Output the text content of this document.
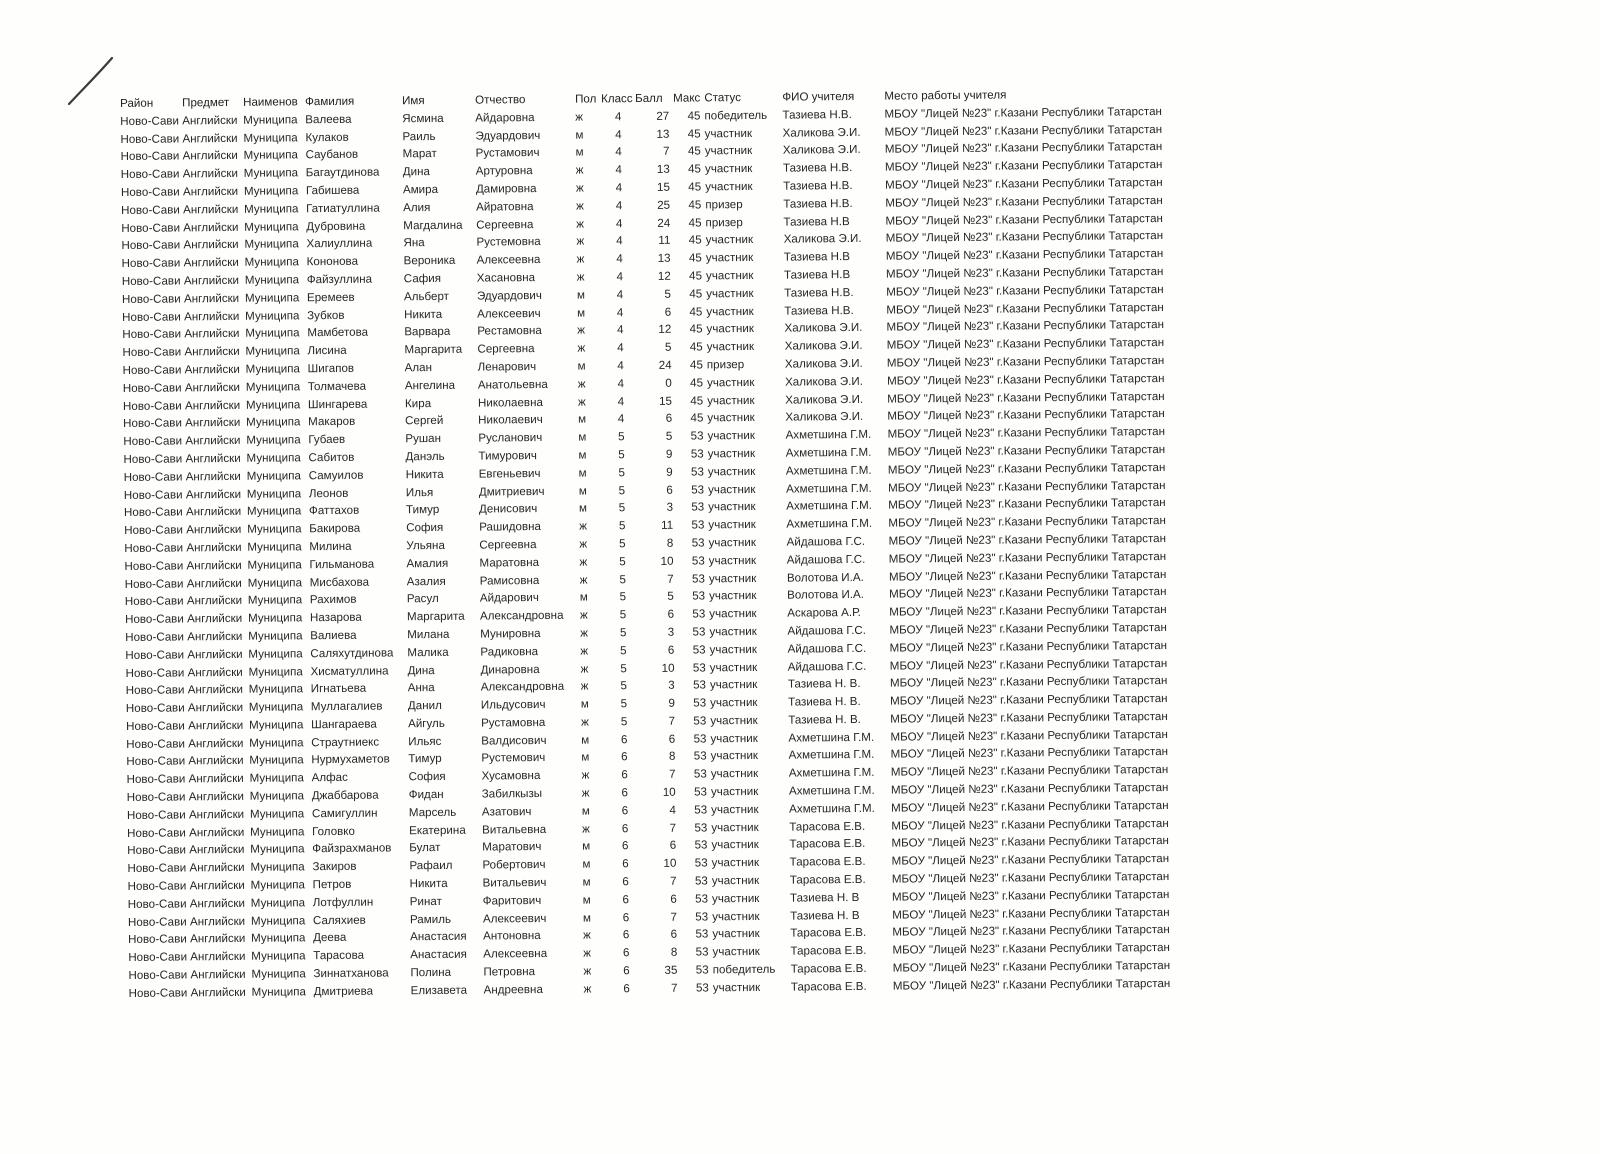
Район	Предмет	Наименов	Фамилия	Имя	Отчество	Пол	Класс	Балл	Макс	Статус	ФИО учителя	Место работы учителя
Ново-Сави	Английски	Муниципа	Валеева	Ясмина	Айдаровна	ж	4	27	45	победитель	Тазиева Н.В.	МБОУ "Лицей №23" г.Казани Республики Татарстан
Ново-Сави	Английски	Муниципа	Кулаков	Раиль	Эдуардович	м	4	13	45	участник	Халикова Э.И.	МБОУ "Лицей №23" г.Казани Республики Татарстан
Ново-Сави	Английски	Муниципа	Саубанов	Марат	Рустамович	м	4	7	45	участник	Халикова Э.И.	МБОУ "Лицей №23" г.Казани Республики Татарстан
Ново-Сави	Английски	Муниципа	Багаутдинова	Дина	Артуровна	ж	4	13	45	участник	Тазиева Н.В.	МБОУ "Лицей №23" г.Казани Республики Татарстан
Ново-Сави	Английски	Муниципа	Габишева	Амира	Дамировна	ж	4	15	45	участник	Тазиева Н.В.	МБОУ "Лицей №23" г.Казани Республики Татарстан
Ново-Сави	Английски	Муниципа	Гатиатуллина	Алия	Айратовна	ж	4	25	45	призер	Тазиева Н.В.	МБОУ "Лицей №23" г.Казани Республики Татарстан
Ново-Сави	Английски	Муниципа	Дубровина	Магдалина	Сергеевна	ж	4	24	45	призер	Тазиева Н.В	МБОУ "Лицей №23" г.Казани Республики Татарстан
Ново-Сави	Английски	Муниципа	Халиуллина	Яна	Рустемовна	ж	4	11	45	участник	Халикова Э.И.	МБОУ "Лицей №23" г.Казани Республики Татарстан
Ново-Сави	Английски	Муниципа	Кононова	Вероника	Алексеевна	ж	4	13	45	участник	Тазиева Н.В	МБОУ "Лицей №23" г.Казани Республики Татарстан
Ново-Сави	Английски	Муниципа	Файзуллина	Сафия	Хасановна	ж	4	12	45	участник	Тазиева Н.В	МБОУ "Лицей №23" г.Казани Республики Татарстан
Ново-Сави	Английски	Муниципа	Еремеев	Альберт	Эдуардович	м	4	5	45	участник	Тазиева Н.В.	МБОУ "Лицей №23" г.Казани Республики Татарстан
Ново-Сави	Английски	Муниципа	Зубков	Никита	Алексеевич	м	4	6	45	участник	Тазиева Н.В.	МБОУ "Лицей №23" г.Казани Республики Татарстан
Ново-Сави	Английски	Муниципа	Мамбетова	Варвара	Рестамовна	ж	4	12	45	участник	Халикова Э.И.	МБОУ "Лицей №23" г.Казани Республики Татарстан
Ново-Сави	Английски	Муниципа	Лисина	Маргарита	Сергеевна	ж	4	5	45	участник	Халикова Э.И.	МБОУ "Лицей №23" г.Казани Республики Татарстан
Ново-Сави	Английски	Муниципа	Шигапов	Алан	Ленарович	м	4	24	45	призер	Халикова Э.И.	МБОУ "Лицей №23" г.Казани Республики Татарстан
Ново-Сави	Английски	Муниципа	Толмачева	Ангелина	Анатольевна	ж	4	0	45	участник	Халикова Э.И.	МБОУ "Лицей №23" г.Казани Республики Татарстан
Ново-Сави	Английски	Муниципа	Шингарева	Кира	Николаевна	ж	4	15	45	участник	Халикова Э.И.	МБОУ "Лицей №23" г.Казани Республики Татарстан
Ново-Сави	Английски	Муниципа	Макаров	Сергей	Николаевич	м	4	6	45	участник	Халикова Э.И.	МБОУ "Лицей №23" г.Казани Республики Татарстан
Ново-Сави	Английски	Муниципа	Губаев	Рушан	Русланович	м	5	5	53	участник	Ахметшина Г.М.	МБОУ "Лицей №23" г.Казани Республики Татарстан
Ново-Сави	Английски	Муниципа	Сабитов	Данэль	Тимурович	м	5	9	53	участник	Ахметшина Г.М.	МБОУ "Лицей №23" г.Казани Республики Татарстан
Ново-Сави	Английски	Муниципа	Самуилов	Никита	Евгеньевич	м	5	9	53	участник	Ахметшина Г.М.	МБОУ "Лицей №23" г.Казани Республики Татарстан
Ново-Сави	Английски	Муниципа	Леонов	Илья	Дмитриевич	м	5	6	53	участник	Ахметшина Г.М.	МБОУ "Лицей №23" г.Казани Республики Татарстан
Ново-Сави	Английски	Муниципа	Фаттахов	Тимур	Денисович	м	5	3	53	участник	Ахметшина Г.М.	МБОУ "Лицей №23" г.Казани Республики Татарстан
Ново-Сави	Английски	Муниципа	Бакирова	София	Рашидовна	ж	5	11	53	участник	Ахметшина Г.М.	МБОУ "Лицей №23" г.Казани Республики Татарстан
Ново-Сави	Английски	Муниципа	Милина	Ульяна	Сергеевна	ж	5	8	53	участник	Айдашова Г.С.	МБОУ "Лицей №23" г.Казани Республики Татарстан
Ново-Сави	Английски	Муниципа	Гильманова	Амалия	Маратовна	ж	5	10	53	участник	Айдашова Г.С.	МБОУ "Лицей №23" г.Казани Республики Татарстан
Ново-Сави	Английски	Муниципа	Мисбахова	Азалия	Рамисовна	ж	5	7	53	участник	Волотова И.А.	МБОУ "Лицей №23" г.Казани Республики Татарстан
Ново-Сави	Английски	Муниципа	Рахимов	Расул	Айдарович	м	5	5	53	участник	Волотова И.А.	МБОУ "Лицей №23" г.Казани Республики Татарстан
Ново-Сави	Английски	Муниципа	Назарова	Маргарита	Александровна	ж	5	6	53	участник	Аскарова А.Р.	МБОУ "Лицей №23" г.Казани Республики Татарстан
Ново-Сави	Английски	Муниципа	Валиева	Милана	Мунировна	ж	5	3	53	участник	Айдашова Г.С.	МБОУ "Лицей №23" г.Казани Республики Татарстан
Ново-Сави	Английски	Муниципа	Саляхутдинова	Малика	Радиковна	ж	5	6	53	участник	Айдашова Г.С.	МБОУ "Лицей №23" г.Казани Республики Татарстан
Ново-Сави	Английски	Муниципа	Хисматуллина	Дина	Динаровна	ж	5	10	53	участник	Айдашова Г.С.	МБОУ "Лицей №23" г.Казани Республики Татарстан
Ново-Сави	Английски	Муниципа	Игнатьева	Анна	Александровна	ж	5	3	53	участник	Тазиева Н. В.	МБОУ "Лицей №23" г.Казани Республики Татарстан
Ново-Сави	Английски	Муниципа	Муллагалиев	Данил	Ильдусович	м	5	9	53	участник	Тазиева Н. В.	МБОУ "Лицей №23" г.Казани Республики Татарстан
Ново-Сави	Английски	Муниципа	Шангараева	Айгуль	Рустамовна	ж	5	7	53	участник	Тазиева Н. В.	МБОУ "Лицей №23" г.Казани Республики Татарстан
Ново-Сави	Английски	Муниципа	Страутниекс	Ильяс	Валдисович	м	6	6	53	участник	Ахметшина Г.М.	МБОУ "Лицей №23" г.Казани Республики Татарстан
Ново-Сави	Английски	Муниципа	Нурмухаметов	Тимур	Рустемович	м	6	8	53	участник	Ахметшина Г.М.	МБОУ "Лицей №23" г.Казани Республики Татарстан
Ново-Сави	Английски	Муниципа	Алфас	София	Хусамовна	ж	6	7	53	участник	Ахметшина Г.М.	МБОУ "Лицей №23" г.Казани Республики Татарстан
Ново-Сави	Английски	Муниципа	Джаббарова	Фидан	Забилкызы	ж	6	10	53	участник	Ахметшина Г.М.	МБОУ "Лицей №23" г.Казани Республики Татарстан
Ново-Сави	Английски	Муниципа	Самигуллин	Марсель	Азатович	м	6	4	53	участник	Ахметшина Г.М.	МБОУ "Лицей №23" г.Казани Республики Татарстан
Ново-Сави	Английски	Муниципа	Головко	Екатерина	Витальевна	ж	6	7	53	участник	Тарасова Е.В.	МБОУ "Лицей №23" г.Казани Республики Татарстан
Ново-Сави	Английски	Муниципа	Файзрахманов	Булат	Маратович	м	6	6	53	участник	Тарасова Е.В.	МБОУ "Лицей №23" г.Казани Республики Татарстан
Ново-Сави	Английски	Муниципа	Закиров	Рафаил	Робертович	м	6	10	53	участник	Тарасова Е.В.	МБОУ "Лицей №23" г.Казани Республики Татарстан
Ново-Сави	Английски	Муниципа	Петров	Никита	Витальевич	м	6	7	53	участник	Тарасова Е.В.	МБОУ "Лицей №23" г.Казани Республики Татарстан
Ново-Сави	Английски	Муниципа	Лотфуллин	Ринат	Фаритович	м	6	6	53	участник	Тазиева Н. В	МБОУ "Лицей №23" г.Казани Республики Татарстан
Ново-Сави	Английски	Муниципа	Саляхиев	Рамиль	Алексеевич	м	6	7	53	участник	Тазиева Н. В	МБОУ "Лицей №23" г.Казани Республики Татарстан
Ново-Сави	Английски	Муниципа	Деева	Анастасия	Антоновна	ж	6	6	53	участник	Тарасова Е.В.	МБОУ "Лицей №23" г.Казани Республики Татарстан
Ново-Сави	Английски	Муниципа	Тарасова	Анастасия	Алексеевна	ж	6	8	53	участник	Тарасова Е.В.	МБОУ "Лицей №23" г.Казани Республики Татарстан
Ново-Сави	Английски	Муниципа	Зиннатханова	Полина	Петровна	ж	6	35	53	победитель	Тарасова Е.В.	МБОУ "Лицей №23" г.Казани Республики Татарстан
Ново-Сави	Английски	Муниципа	Дмитриева	Елизавета	Андреевна	ж	6	7	53	участник	Тарасова Е.В.	МБОУ "Лицей №23" г.Казани Республики Татарстан
